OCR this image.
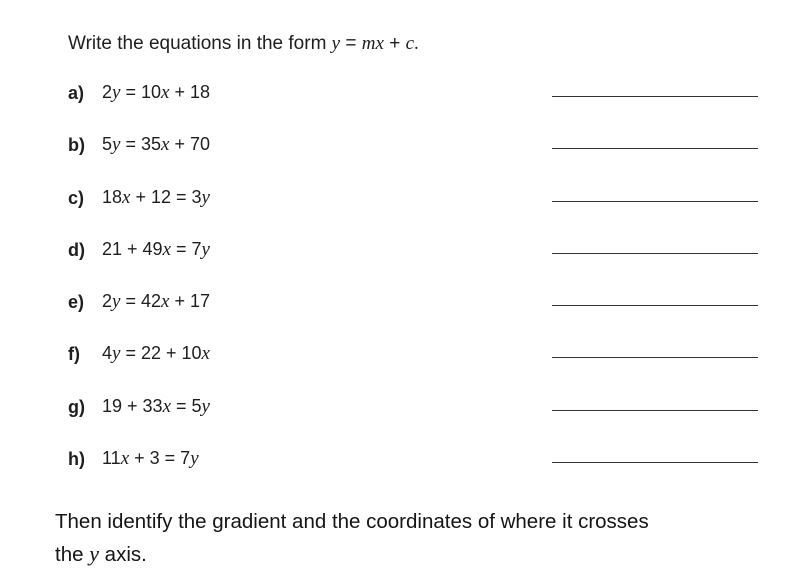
Write the equations in the form y = mx + c.
a) 2y = 10x + 18
b) 5y = 35x + 70
c) 18x + 12 = 3y
d) 21 + 49x = 7y
e) 2y = 42x + 17
f)	4y = 22 + 10x
g) 19 + 33x = 5y
h) 11x + 3 = 7y
Then identify the gradient and the coordinates of where it crosses
the y axis.
